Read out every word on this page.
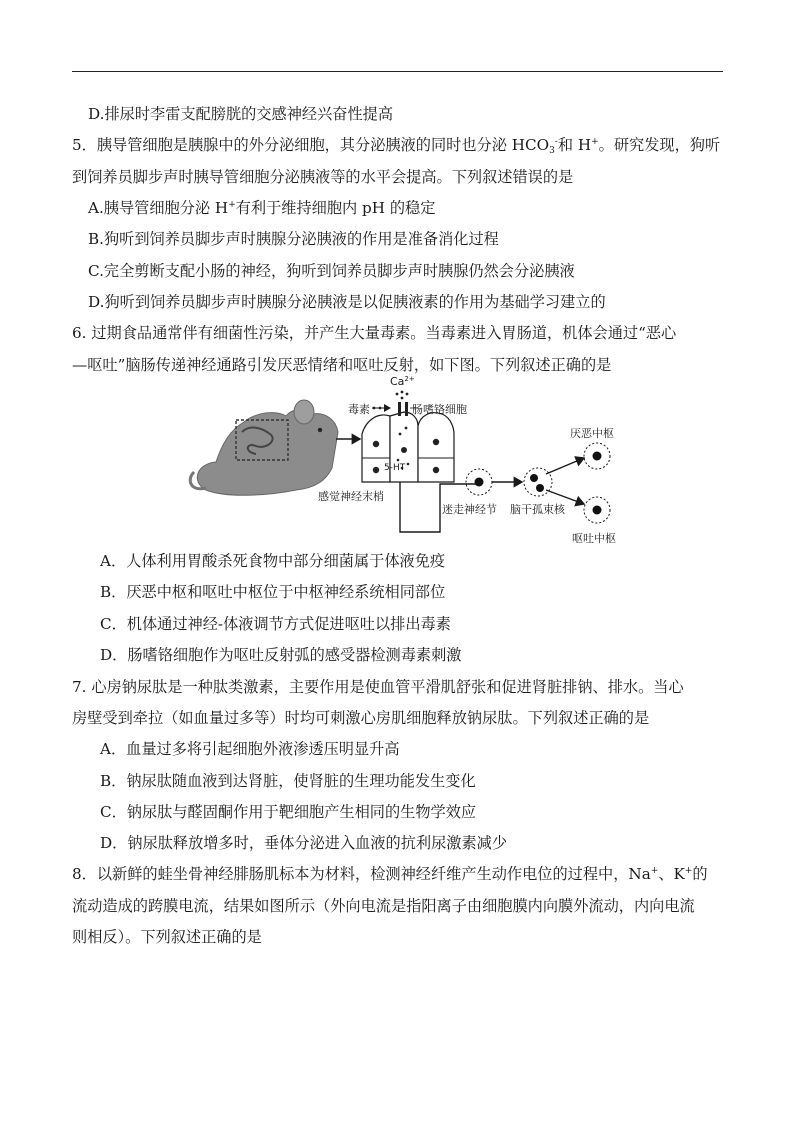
D.排尿时李雷支配膀胱的交感神经兴奋性提高
5．胰导管细胞是胰腺中的外分泌细胞，其分泌胰液的同时也分泌 $HCO_3^-$和 H+。研究发现，狗听
到饲养员脚步声时胰导管细胞分泌胰液等的水平会提高。下列叙述错误的是
A.胰导管细胞分泌 H+有利于维持细胞内 pH 的稳定
B.狗听到饲养员脚步声时胰腺分泌胰液的作用是准备消化过程
C.完全剪断支配小肠的神经，狗听到饲养员脚步声时胰腺仍然会分泌胰液
D.狗听到饲养员脚步声时胰腺分泌胰液是以促胰液素的作用为基础学习建立的
6. 过期食品通常伴有细菌性污染，并产生大量毒素。当毒素进入胃肠道，机体会通过“恶心
—呕吐”脑肠传递神经通路引发厌恶情绪和呕吐反射，如下图。下列叙述正确的是
$Ca^{2+}$
毒素	肠嗜铬细胞
5-HT
感觉神经末梢
迷走神经节 脑干孤束核
厌恶中枢
呕吐中枢
A．人体利用胃酸杀死食物中部分细菌属于体液免疫
B．厌恶中枢和呕吐中枢位于中枢神经系统相同部位
C．机体通过神经-体液调节方式促进呕吐以排出毒素
D．肠嗜铬细胞作为呕吐反射弧的感受器检测毒素刺激
7. 心房钠尿肽是一种肽类激素，主要作用是使血管平滑肌舒张和促进肾脏排钠、排水。当心
房壁受到牵拉（如血量过多等）时均可刺激心房肌细胞释放钠尿肽。下列叙述正确的是
A．血量过多将引起细胞外液渗透压明显升高
B．钠尿肽随血液到达肾脏，使肾脏的生理功能发生变化
C．钠尿肽与醛固酮作用于靶细胞产生相同的生物学效应
D．钠尿肽释放增多时，垂体分泌进入血液的抗利尿激素减少
8．以新鲜的蛙坐骨神经腓肠肌标本为材料，检测神经纤维产生动作电位的过程中，Na+、K+的
流动造成的跨膜电流，结果如图所示（外向电流是指阳离子由细胞膜内向膜外流动，内向电流
则相反）。下列叙述正确的是
